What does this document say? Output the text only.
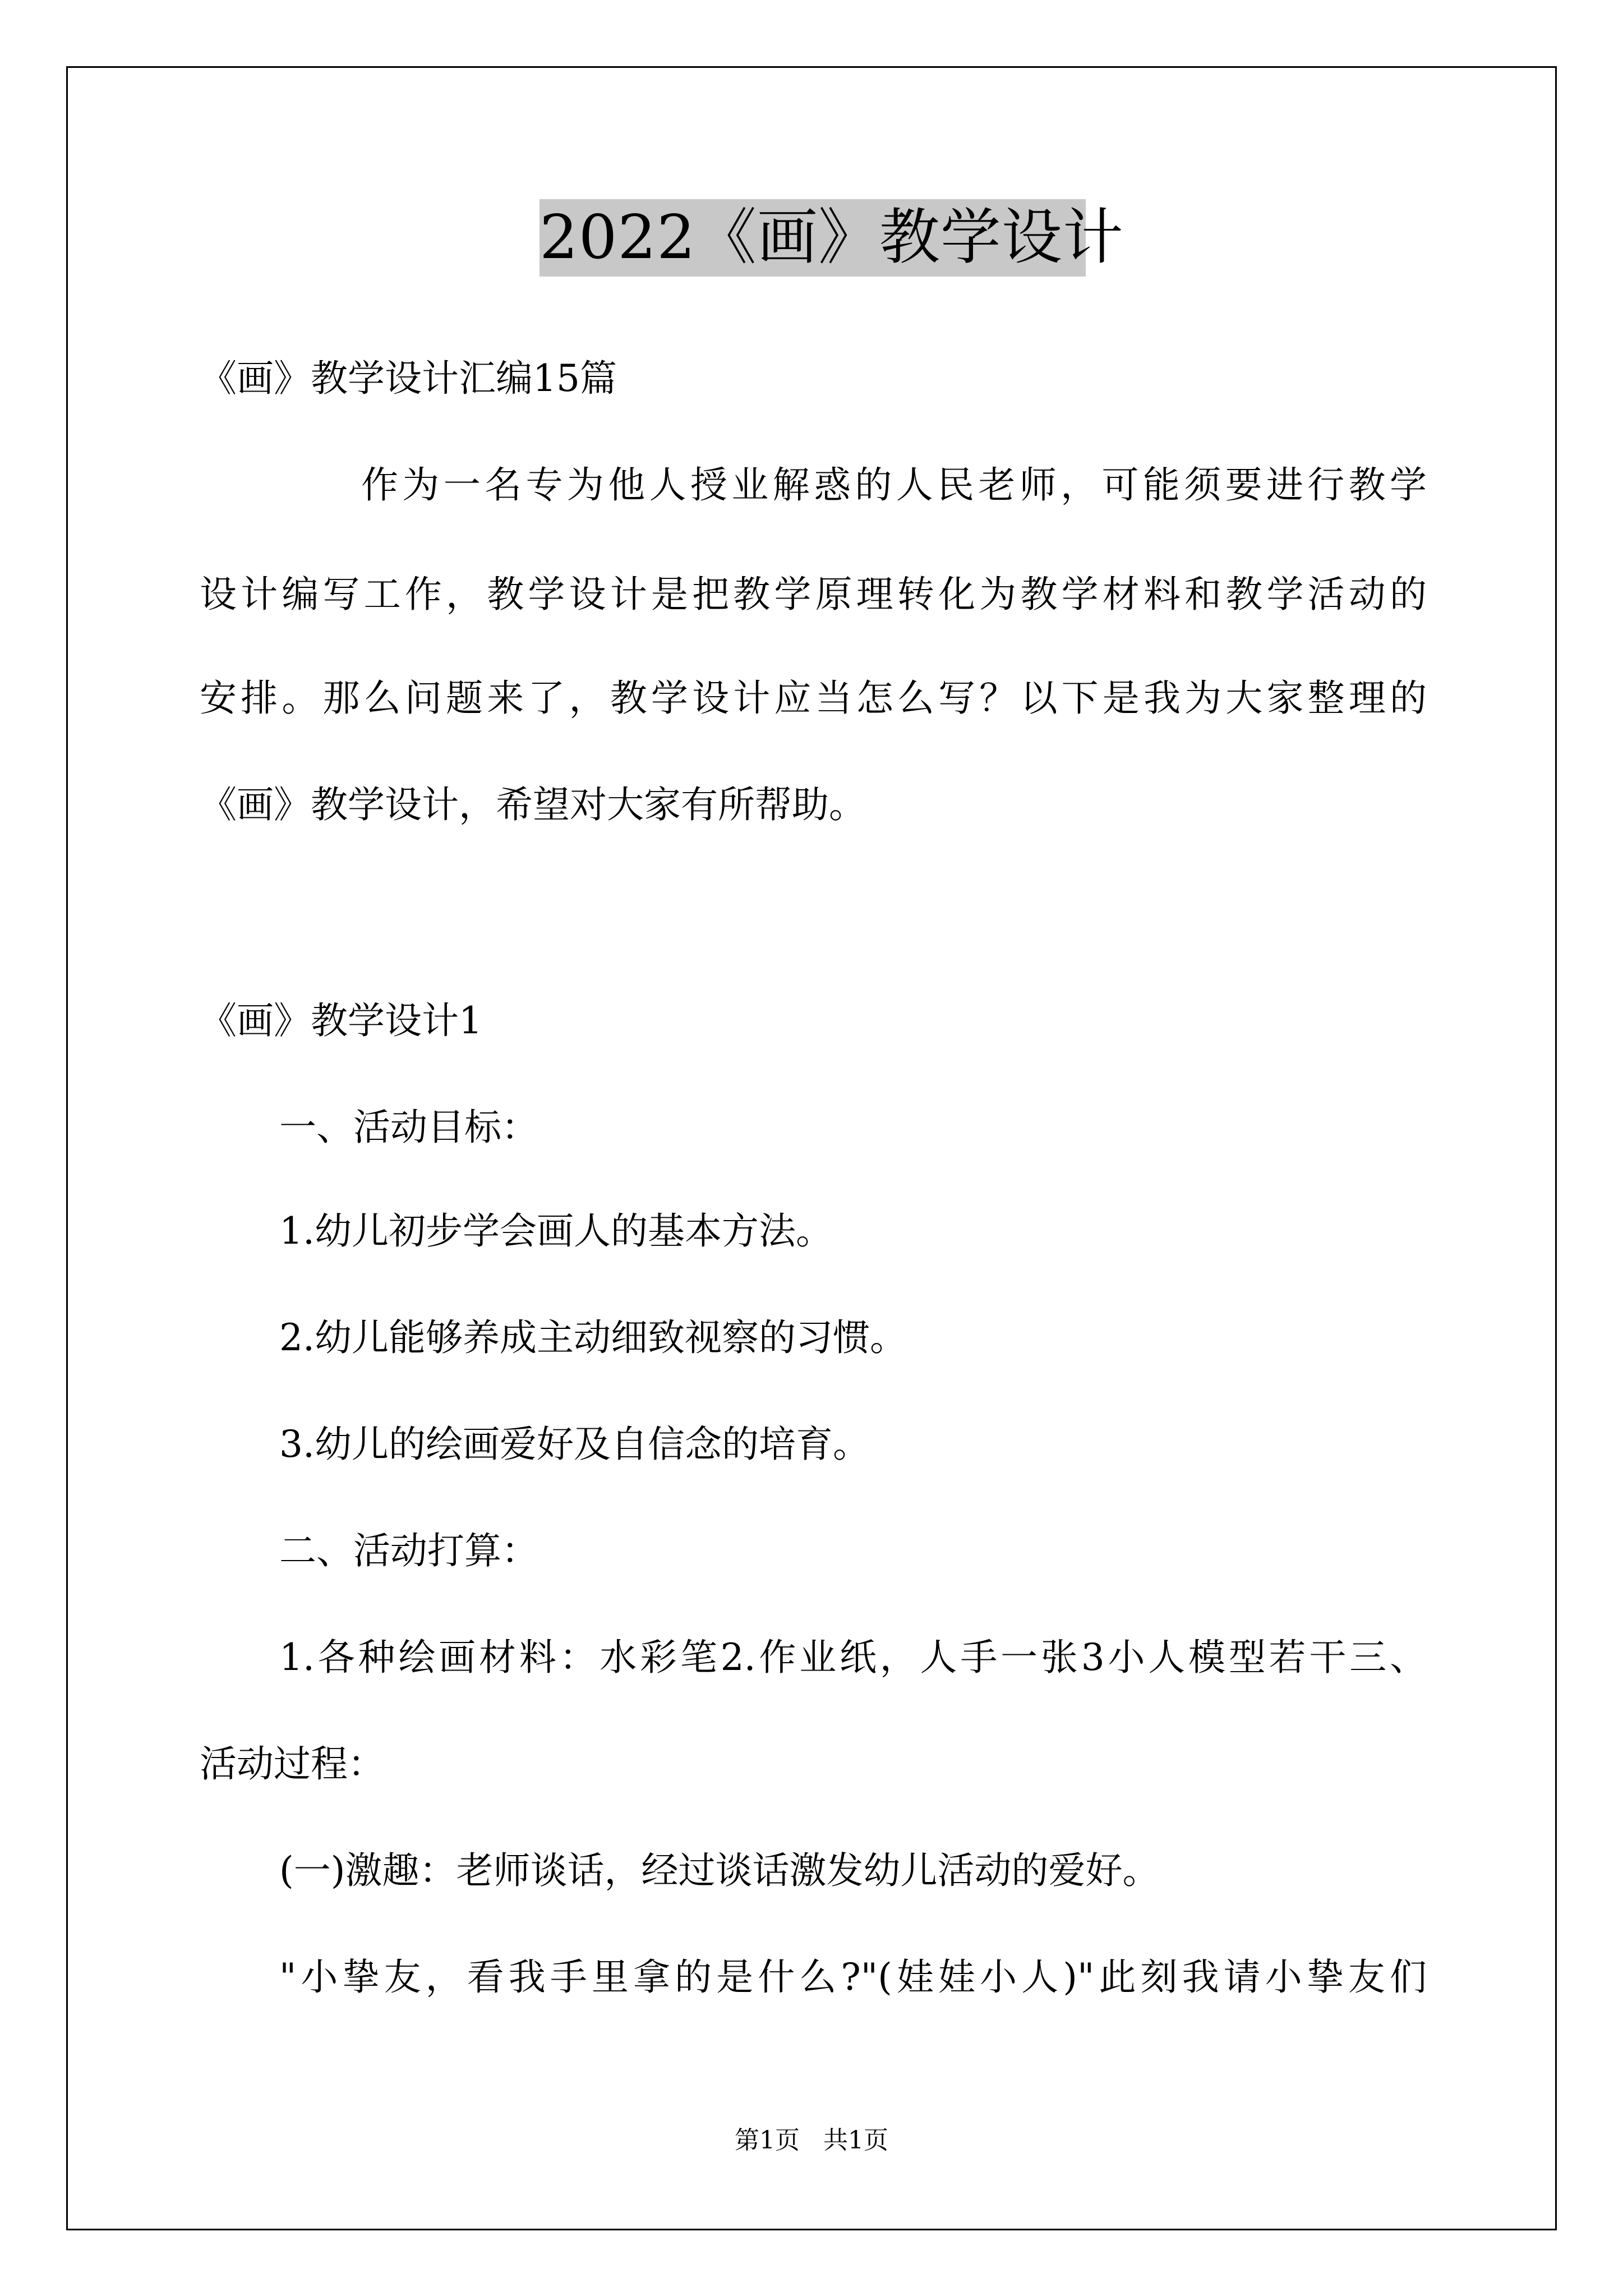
2022《画》教学设计
《画》教学设计汇编15篇
作为一名专为他人授业解惑的人民老师，可能须要进行教学
设计编写工作，教学设计是把教学原理转化为教学材料和教学活动的
安排。那么问题来了，教学设计应当怎么写？以下是我为大家整理的
《画》教学设计，希望对大家有所帮助。
《画》教学设计1
一、活动目标：
1.幼儿初步学会画人的基本方法。
2.幼儿能够养成主动细致视察的习惯。
3.幼儿的绘画爱好及自信念的培育。
二、活动打算：
1.各种绘画材料：水彩笔2.作业纸，人手一张3小人模型若干三、
活动过程：
(一)激趣：老师谈话，经过谈话激发幼儿活动的爱好。
"小挚友，看我手里拿的是什么?"(娃娃小人)"此刻我请小挚友们
第1页   共1页
